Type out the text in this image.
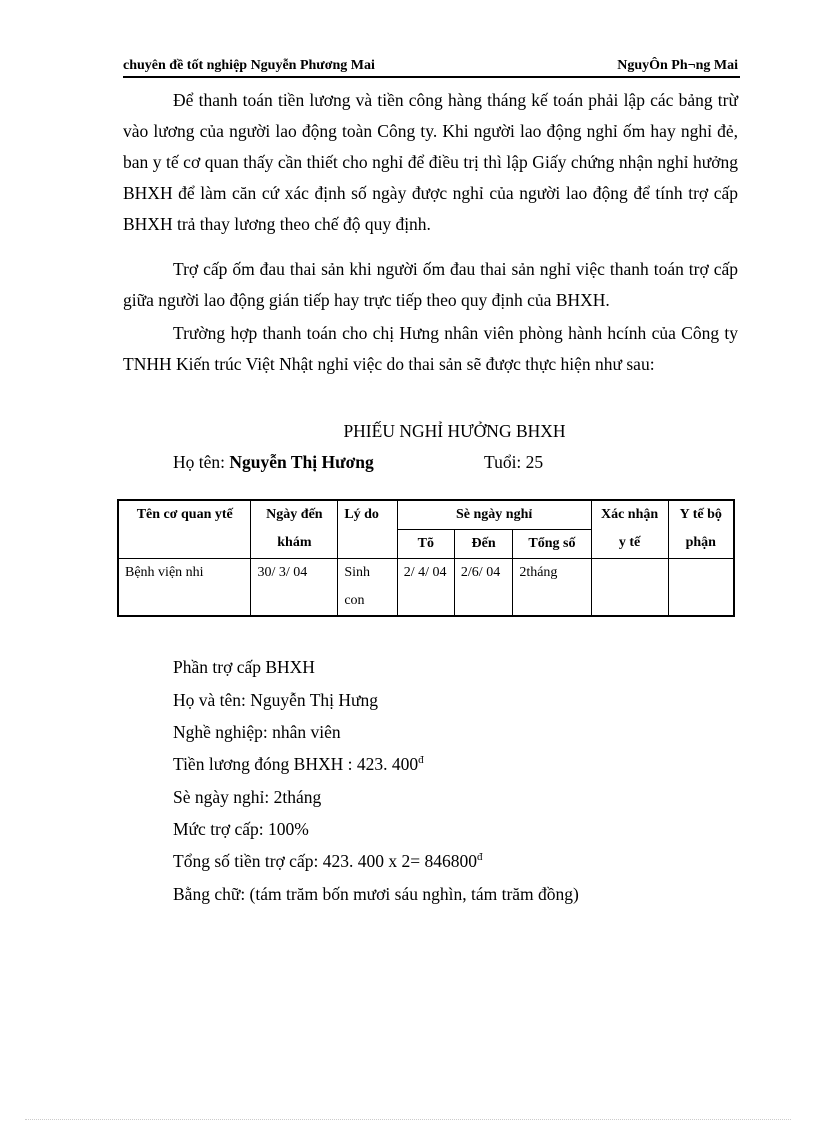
chuyên đề tốt nghiệp Nguyễn Phương Mai	NguyÔn Ph¬ng Mai

Để thanh toán tiền lương và tiền công hàng tháng kế toán phải lập các bảng trừ vào lương của người lao động toàn Công ty. Khi người lao động nghỉ ốm hay nghỉ đẻ, ban y tế cơ quan thấy cần thiết cho nghỉ để điều trị thì lập Giấy chứng nhận nghỉ hưởng BHXH để làm căn cứ xác định số ngày được nghỉ của người lao động để tính trợ cấp BHXH trả thay lương theo chế độ quy định.

Trợ cấp ốm đau thai sản khi người ốm đau thai sản nghỉ việc thanh toán trợ cấp giữa người lao động gián tiếp hay trực tiếp theo quy định của BHXH.

Trường hợp thanh toán cho chị Hưng nhân viên phòng hành hcính của Công ty TNHH Kiến trúc Việt Nhật nghỉ việc do thai sản sẽ được thực hiện như sau:

PHIẾU NGHỈ HƯỞNG BHXH
Họ tên: Nguyễn Thị Hương	Tuổi: 25
Tên cơ quan ytế	Ngày đến khám	Lý do	Sè ngày nghỉ			Xác nhận y tế	Y tế bộ phận
			Tõ	Đến	Tổng số		
Bệnh viện nhi	30/ 3/ 04	Sinh con	2/ 4/ 04	2/6/ 04	2tháng		
Phần trợ cấp BHXH
Họ và tên: Nguyễn Thị Hưng
Nghề nghiệp: nhân viên
Tiền lương đóng BHXH : 423. $400^đ$
Sè ngày nghỉ: 2tháng
Mức trợ cấp: 100%
Tổng số tiền trợ cấp: 423. 400 x $2= 846800^đ$
Bằng chữ: (tám trăm bốn mươi sáu nghìn, tám trăm đồng)
